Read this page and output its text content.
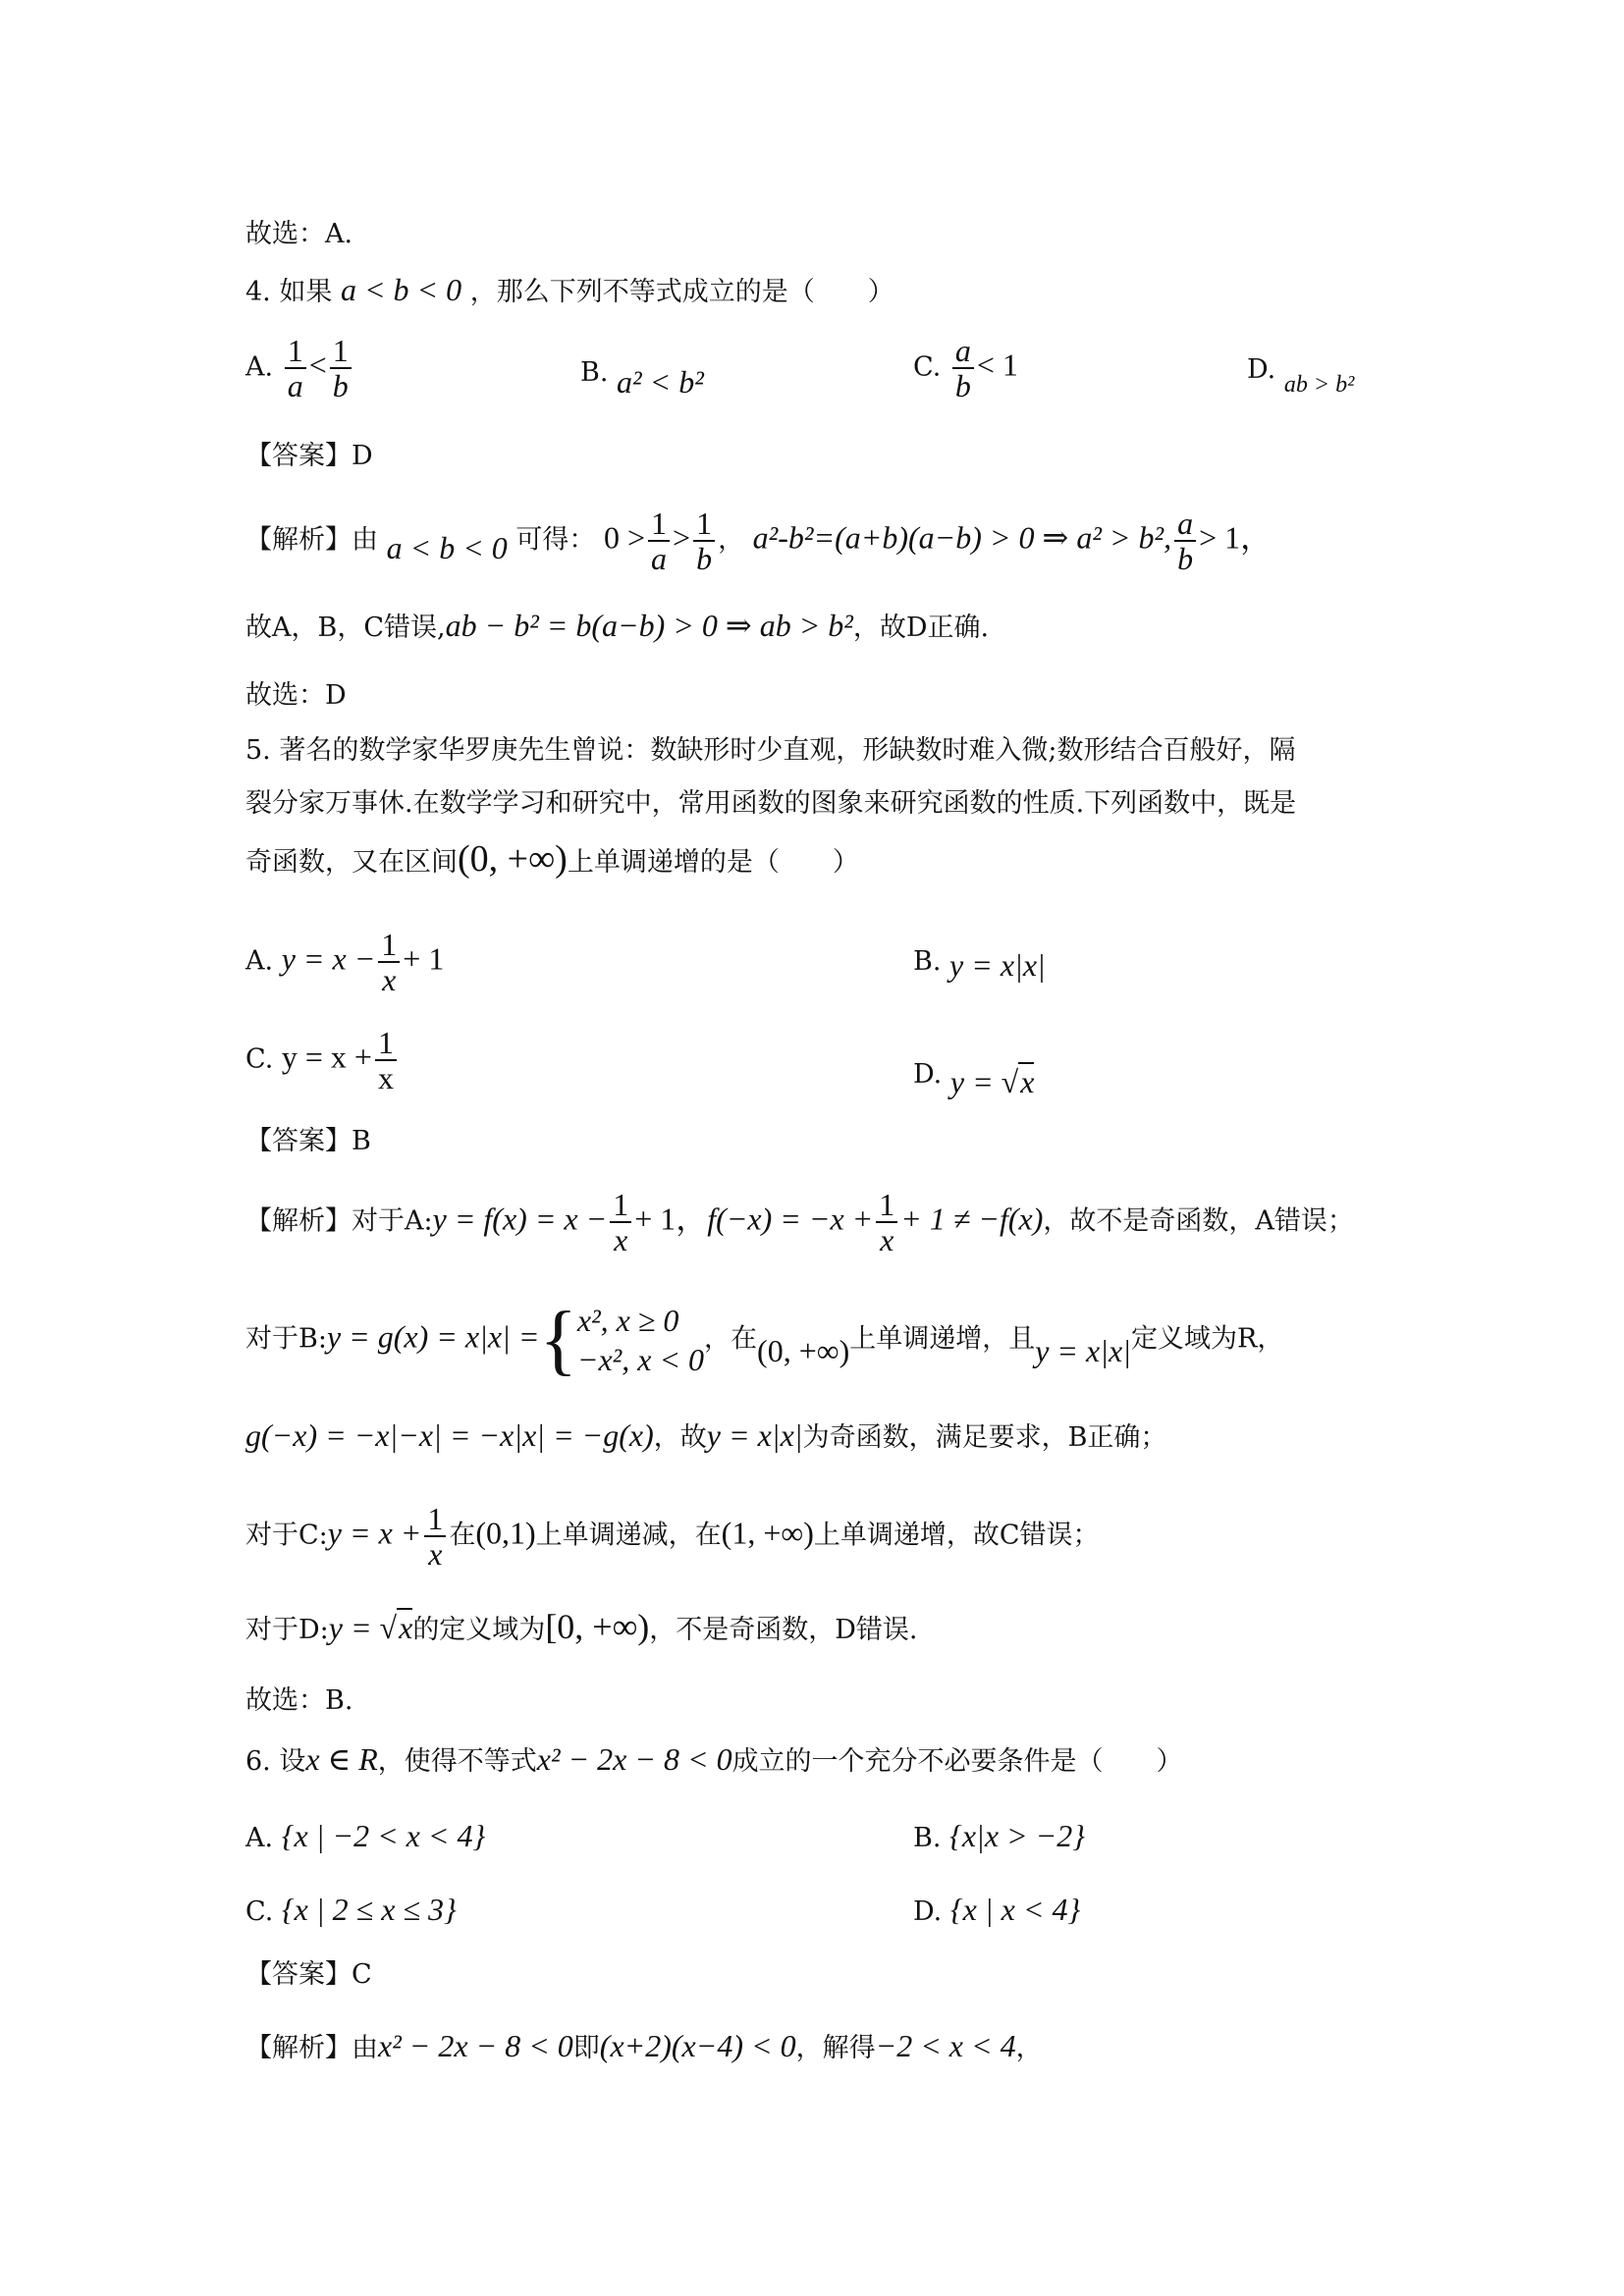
故选：A.
4. 如果 a < b < 0 ，那么下列不等式成立的是（　　）
A. $\frac{1}{a} < \frac{1}{b}$	B. a² < b²	C. $\frac{a}{b} < 1$	D. ab > b²
【答案】D
【解析】由 a < b < 0 可得： $0 > \frac{1}{a} > \frac{1}{b}$ ， a²-b²=(a+b)(a−b) > 0 ⇒ a² > b², $\frac{a}{b} > 1$，
故A，B，C错误,ab − b² = b(a−b) > 0 ⇒ ab > b²，故D正确.
故选：D
5. 著名的数学家华罗庚先生曾说：数缺形时少直观，形缺数时难入微;数形结合百般好，隔
裂分家万事休.在数学学习和研究中，常用函数的图象来研究函数的性质.下列函数中，既是
奇函数，又在区间(0, +∞)上单调递增的是（　　）
A. $y = x - \frac{1}{x} + 1$	B. y = x|x|
C. $y = x + \frac{1}{x}$	D. y = √x
【答案】B
【解析】对于A:y = $f(x) = x - \frac{1}{x} + 1$，$f(-x) = -x + \frac{1}{x} + 1 \ne -f(x)$，故不是奇函数，A错误；
对于B:y = g(x) = x|x| = { x², x ≥ 0
−x², x < 0
，在(0, +∞)上单调递增，且y = x|x|定义域为R，
g(−x) = −x|−x| = −x|x| = −g(x)，故y = x|x|为奇函数，满足要求，B正确；
对于C:y = $x + \frac{1}{x}$ 在(0,1)上单调递减，在(1, +∞)上单调递增，故C错误；
对于D:y = √x的定义域为[0, +∞)，不是奇函数，D错误.
故选：B.
6. 设x ∈ R，使得不等式x² − 2x − 8 < 0成立的一个充分不必要条件是（　　）
A. {x | −2 < x < 4}	B. {x|x > −2}
C. {x | 2 ≤ x ≤ 3}	D. {x | x < 4}
【答案】C
【解析】由x² − 2x − 8 < 0即(x+2)(x−4) < 0，解得−2 < x < 4，
